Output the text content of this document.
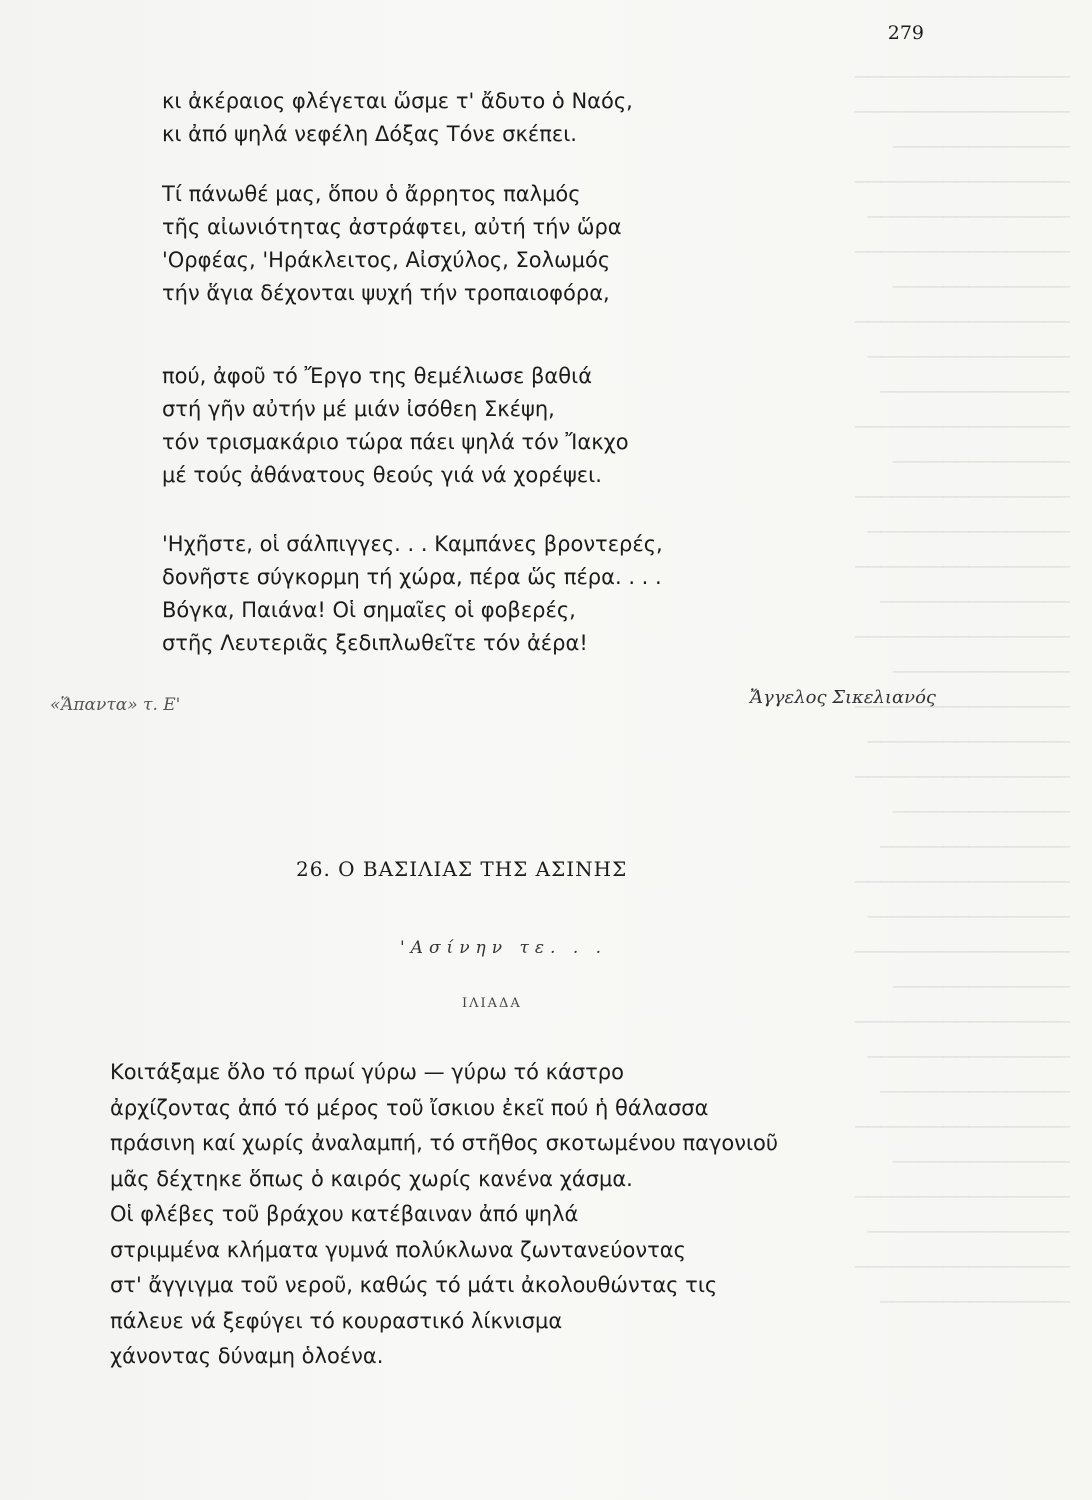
─────────────────
─────────────────
──────────────
─────────────────
────────────────
─────────────────
──────────────
─────────────────
────────────────
───────────────
─────────────────
──────────────
─────────────────
────────────────
─────────────────
───────────────
─────────────────
──────────────
─────────────────
────────────────
─────────────────
──────────────
───────────────
─────────────────
────────────────
─────────────────
──────────────
─────────────────
────────────────
───────────────
─────────────────
──────────────
─────────────────
────────────────
─────────────────
───────────────

279
κι ἀκέραιος φλέγεται ὥσμε τ' ἄδυτο ὁ Ναός,
κι ἀπό ψηλά νεφέλη Δόξας Τόνε σκέπει.
Τί πάνωθέ μας, ὅπου ὁ ἄρρητος παλμός
τῆς αἰωνιότητας ἀστράφτει, αὐτή τήν ὥρα
'Ορφέας, 'Ηράκλειτος, Αἰσχύλος, Σολωμός
τήν ἅγια δέχονται ψυχή τήν τροπαιοφόρα,
πού, ἀφοῦ τό Ἔργο της θεμέλιωσε βαθιά
στή γῆν αὐτήν μέ μιάν ἰσόθεη Σκέψη,
τόν τρισμακάριο τώρα πάει ψηλά τόν Ἴακχο
μέ τούς ἀθάνατους θεούς γιά νά χορέψει.
'Ηχῆστε, οἱ σάλπιγγες. . . Καμπάνες βροντερές,
δονῆστε σύγκορμη τή χώρα, πέρα ὥς πέρα. . . .
Βόγκα, Παιάνα! Οἱ σημαῖες οἱ φοβερές,
στῆς Λευτεριᾶς ξεδιπλωθεῖτε τόν ἀέρα!
Ἄγγελος Σικελιανός
«Ἅπαντα» τ. Ε'
26. Ο ΒΑΣΙΛΙΑΣ ΤΗΣ ΑΣΙΝΗΣ
'Ασίνην τε. . .
ΙΛΙΑΔΑ
Κοιτάξαμε ὅλο τό πρωί γύρω — γύρω τό κάστρο
ἀρχίζοντας ἀπό τό μέρος τοῦ ἴσκιου ἐκεῖ πού ἡ θάλασσα
πράσινη καί χωρίς ἀναλαμπή, τό στῆθος σκοτωμένου παγονιοῦ
μᾶς δέχτηκε ὅπως ὁ καιρός χωρίς κανένα χάσμα.
Οἱ φλέβες τοῦ βράχου κατέβαιναν ἀπό ψηλά
στριμμένα κλήματα γυμνά πολύκλωνα ζωντανεύοντας
στ' ἄγγιγμα τοῦ νεροῦ, καθώς τό μάτι ἀκολουθώντας τις
πάλευε νά ξεφύγει τό κουραστικό λίκνισμα
χάνοντας δύναμη ὁλοένα.
